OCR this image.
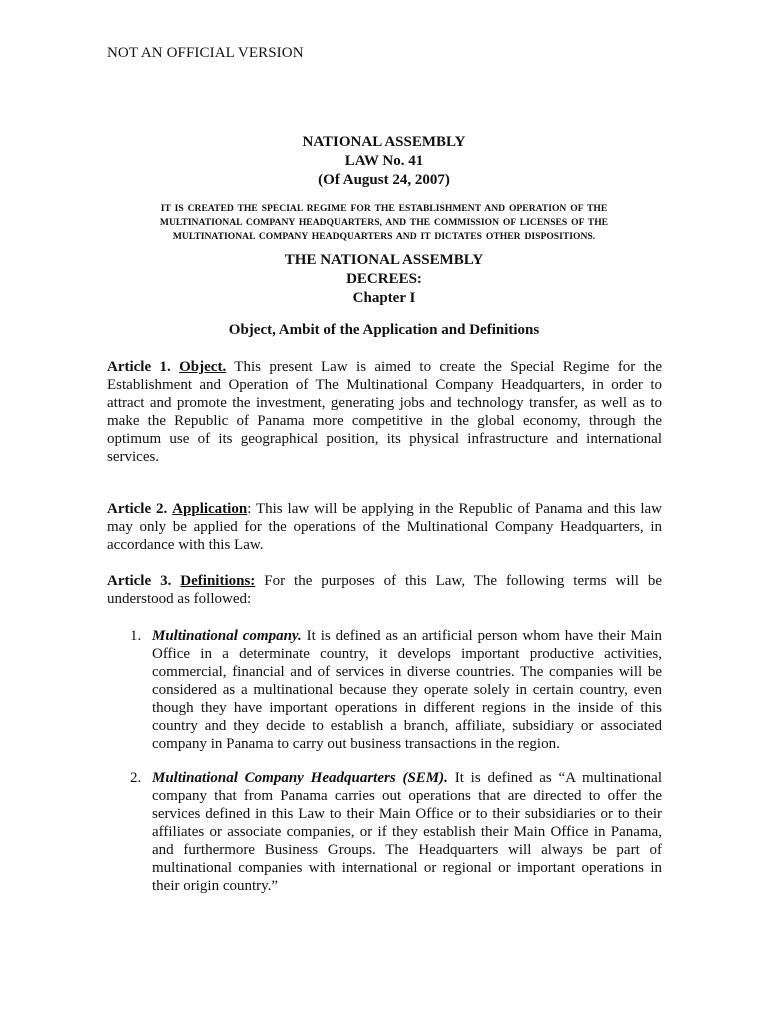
NOT AN OFFICIAL VERSION
NATIONAL ASSEMBLY
LAW No. 41
(Of August 24, 2007)
IT IS CREATED THE SPECIAL REGIME FOR THE ESTABLISHMENT AND OPERATION OF THE MULTINATIONAL COMPANY HEADQUARTERS, AND THE COMMISSION OF LICENSES OF THE MULTINATIONAL COMPANY HEADQUARTERS AND IT DICTATES OTHER DISPOSITIONS.
THE NATIONAL ASSEMBLY
DECREES:
Chapter I
Object, Ambit of the Application and Definitions

Article 1. Object. This present Law is aimed to create the Special Regime for the Establishment and Operation of The Multinational Company Headquarters, in order to attract and promote the investment, generating jobs and technology transfer, as well as to make the Republic of Panama more competitive in the global economy, through the optimum use of its geographical position, its physical infrastructure and international services.

Article 2. Application: This law will be applying in the Republic of Panama and this law may only be applied for the operations of the Multinational Company Headquarters, in accordance with this Law.

Article 3. Definitions: For the purposes of this Law, The following terms will be understood as followed:

1. Multinational company. It is defined as an artificial person whom have their Main Office in a determinate country, it develops important productive activities, commercial, financial and of services in diverse countries. The companies will be considered as a multinational because they operate solely in certain country, even though they have important operations in different regions in the inside of this country and they decide to establish a branch, affiliate, subsidiary or associated company in Panama to carry out business transactions in the region.

2. Multinational Company Headquarters (SEM). It is defined as “A multinational company that from Panama carries out operations that are directed to offer the services defined in this Law to their Main Office or to their subsidiaries or to their affiliates or associate companies, or if they establish their Main Office in Panama, and furthermore Business Groups. The Headquarters will always be part of multinational companies with international or regional or important operations in their origin country.”
